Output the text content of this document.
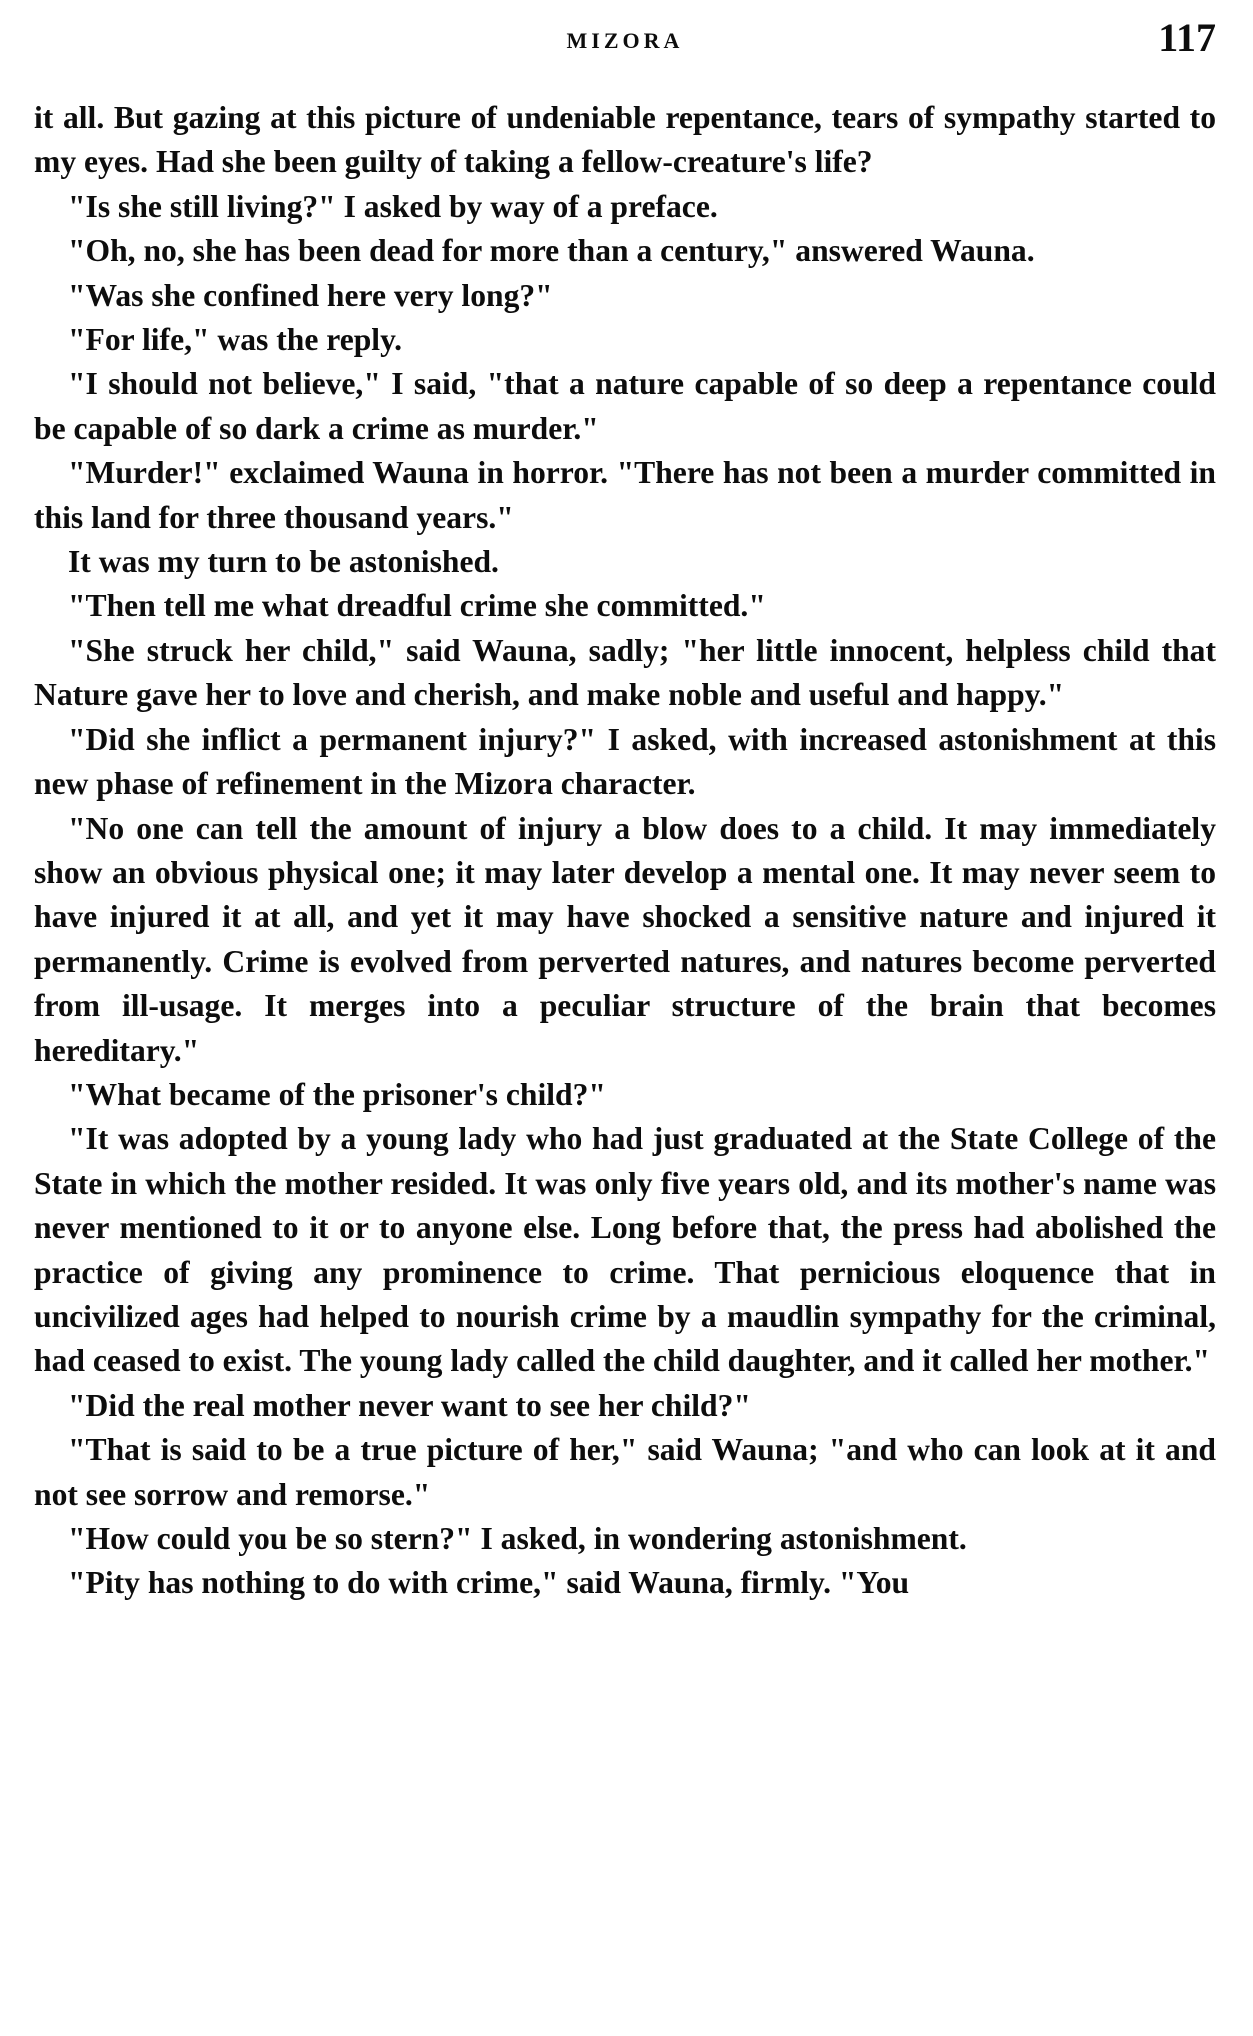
MIZORA	117

it all. But gazing at this picture of undeniable repentance, tears of sympathy started to my eyes. Had she been guilty of taking a fellow-creature's life?

"Is she still living?" I asked by way of a preface.

"Oh, no, she has been dead for more than a century," answered Wauna.

"Was she confined here very long?"

"For life," was the reply.

"I should not believe," I said, "that a nature capable of so deep a repentance could be capable of so dark a crime as murder."

"Murder!" exclaimed Wauna in horror. "There has not been a murder committed in this land for three thousand years."

It was my turn to be astonished.

"Then tell me what dreadful crime she committed."

"She struck her child," said Wauna, sadly; "her little innocent, helpless child that Nature gave her to love and cherish, and make noble and useful and happy."

"Did she inflict a permanent injury?" I asked, with increased astonishment at this new phase of refinement in the Mizora character.

"No one can tell the amount of injury a blow does to a child. It may immediately show an obvious physical one; it may later develop a mental one. It may never seem to have injured it at all, and yet it may have shocked a sensitive nature and injured it permanently. Crime is evolved from perverted natures, and natures become perverted from ill-usage. It merges into a peculiar structure of the brain that becomes hereditary."

"What became of the prisoner's child?"

"It was adopted by a young lady who had just graduated at the State College of the State in which the mother resided. It was only five years old, and its mother's name was never mentioned to it or to anyone else. Long before that, the press had abolished the practice of giving any prominence to crime. That pernicious eloquence that in uncivilized ages had helped to nourish crime by a maudlin sympathy for the criminal, had ceased to exist. The young lady called the child daughter, and it called her mother."

"Did the real mother never want to see her child?"

"That is said to be a true picture of her," said Wauna; "and who can look at it and not see sorrow and remorse."

"How could you be so stern?" I asked, in wondering astonishment.

"Pity has nothing to do with crime," said Wauna, firmly. "You
